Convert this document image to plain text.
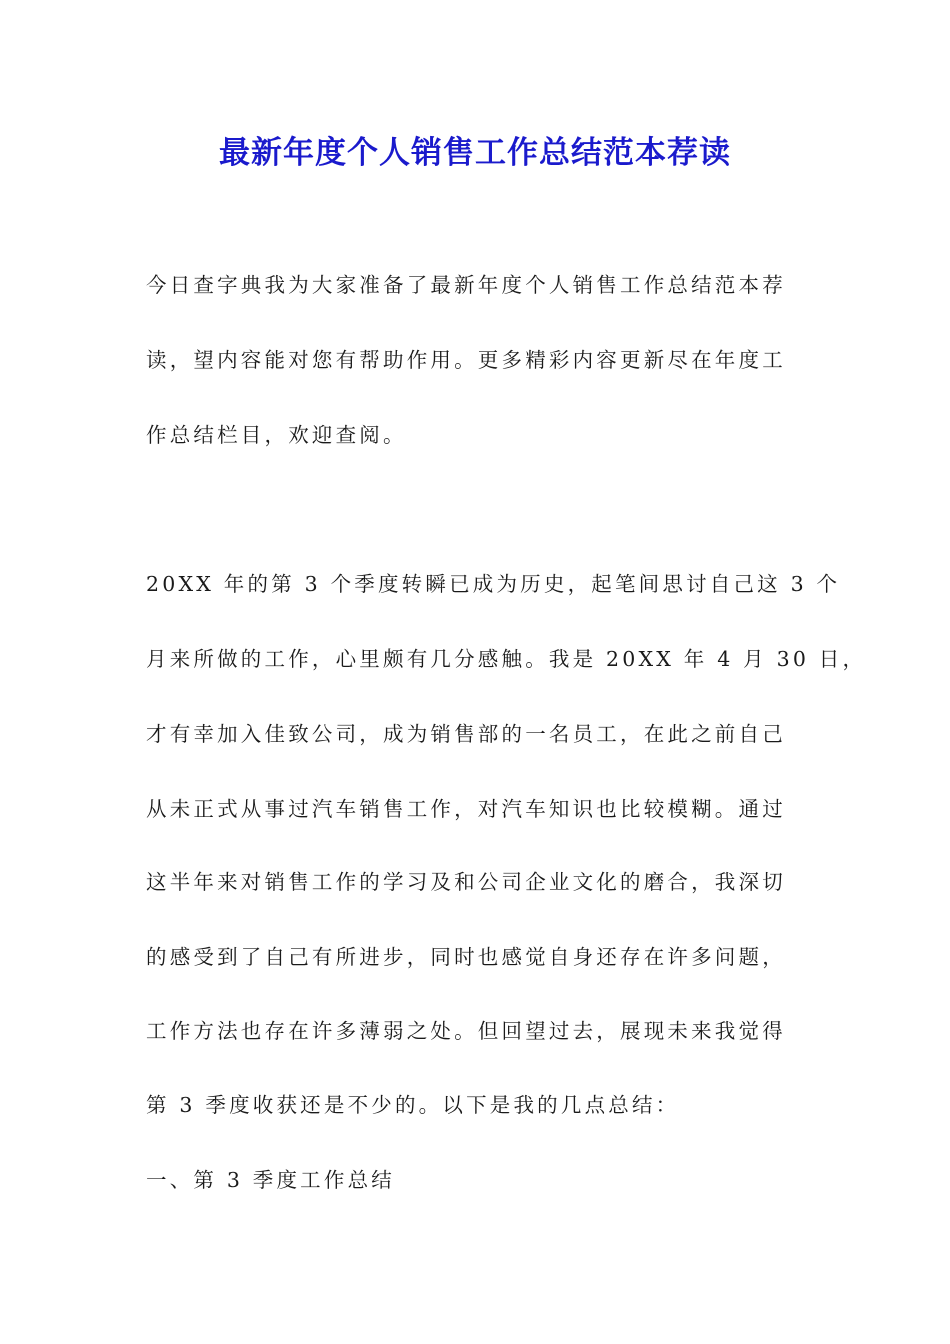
最新年度个人销售工作总结范本荐读
今日查字典我为大家准备了最新年度个人销售工作总结范本荐
读，望内容能对您有帮助作用。更多精彩内容更新尽在年度工
作总结栏目，欢迎查阅。
20XX 年的第 3 个季度转瞬已成为历史，起笔间思讨自己这 3 个
月来所做的工作，心里颇有几分感触。我是 20XX 年 4 月 30 日，
才有幸加入佳致公司，成为销售部的一名员工，在此之前自己
从未正式从事过汽车销售工作，对汽车知识也比较模糊。通过
这半年来对销售工作的学习及和公司企业文化的磨合，我深切
的感受到了自己有所进步，同时也感觉自身还存在许多问题，
工作方法也存在许多薄弱之处。但回望过去，展现未来我觉得
第 3 季度收获还是不少的。以下是我的几点总结：
一、第 3 季度工作总结
